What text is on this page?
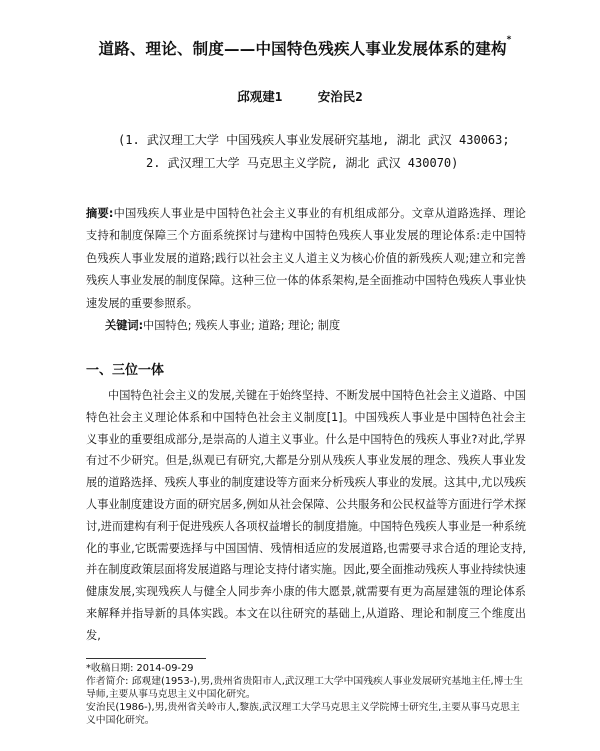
道路、理论、制度——中国特色残疾人事业发展体系的建构*
邱观建1	安治民2
(1. 武汉理工大学 中国残疾人事业发展研究基地, 湖北 武汉 430063;
2. 武汉理工大学 马克思主义学院, 湖北 武汉 430070)
摘要:中国残疾人事业是中国特色社会主义事业的有机组成部分。文章从道路选择、理论支持和制度保障三个方面系统探讨与建构中国特色残疾人事业发展的理论体系:走中国特色残疾人事业发展的道路;践行以社会主义人道主义为核心价值的新残疾人观;建立和完善残疾人事业发展的制度保障。这种三位一体的体系架构,是全面推动中国特色残疾人事业快速发展的重要参照系。
关键词:中国特色; 残疾人事业; 道路; 理论; 制度
一、三位一体
中国特色社会主义的发展,关键在于始终坚持、不断发展中国特色社会主义道路、中国特色社会主义理论体系和中国特色社会主义制度[1]。中国残疾人事业是中国特色社会主义事业的重要组成部分,是崇高的人道主义事业。什么是中国特色的残疾人事业?对此,学界有过不少研究。但是,纵观已有研究,大都是分别从残疾人事业发展的理念、残疾人事业发展的道路选择、残疾人事业的制度建设等方面来分析残疾人事业的发展。这其中,尤以残疾人事业制度建设方面的研究居多,例如从社会保障、公共服务和公民权益等方面进行学术探讨,进而建构有利于促进残疾人各项权益增长的制度措施。中国特色残疾人事业是一种系统化的事业,它既需要选择与中国国情、残情相适应的发展道路,也需要寻求合适的理论支持,并在制度政策层面将发展道路与理论支持付诸实施。因此,要全面推动残疾人事业持续快速健康发展,实现残疾人与健全人同步奔小康的伟大愿景,就需要有更为高屋建瓴的理论体系来解释并指导新的具体实践。本文在以往研究的基础上,从道路、理论和制度三个维度出发,
*收稿日期: 2014-09-29
作者简介: 邱观建(1953-),男,贵州省贵阳市人,武汉理工大学中国残疾人事业发展研究基地主任,博士生导师,主要从事马克思主义中国化研究。
安治民(1986-),男,贵州省关岭市人,黎族,武汉理工大学马克思主义学院博士研究生,主要从事马克思主义中国化研究。
